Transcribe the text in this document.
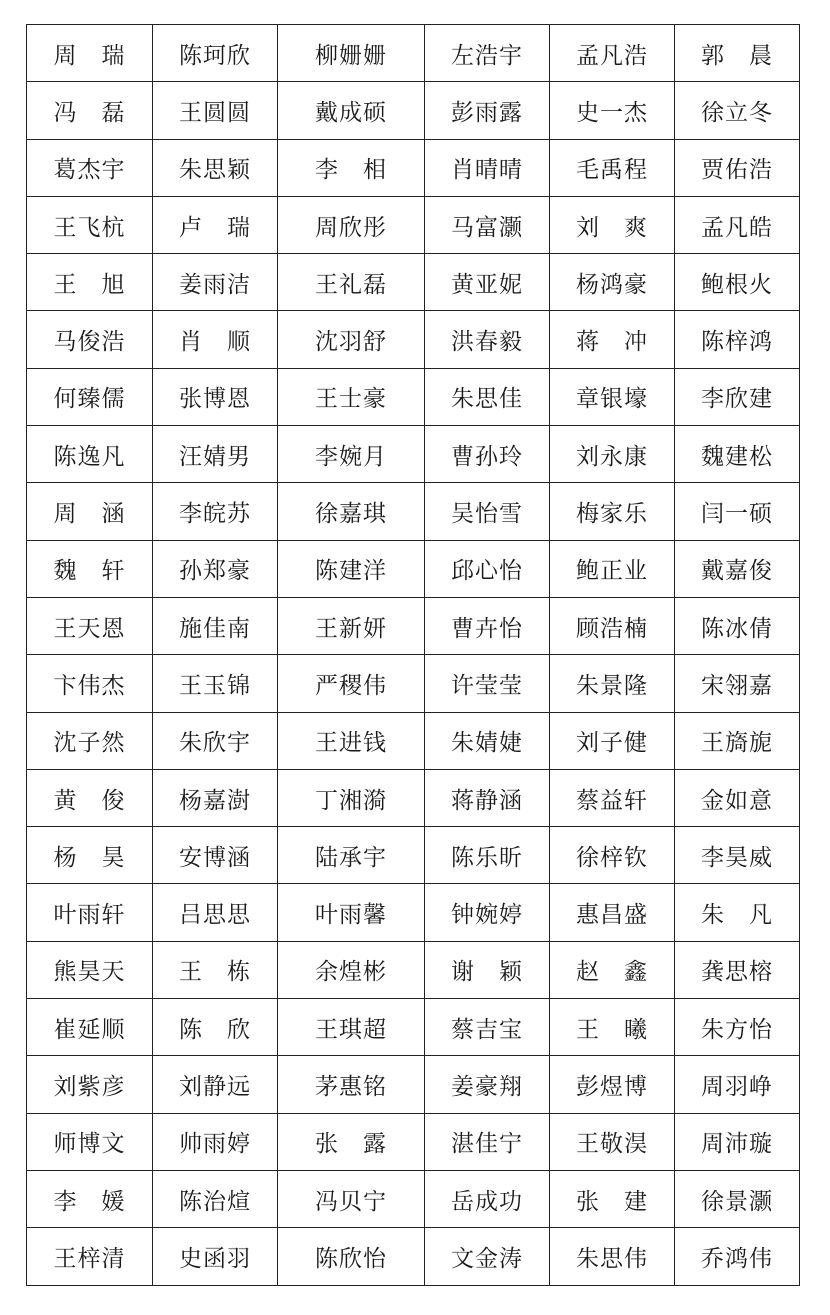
周　瑞	陈珂欣	柳姗姗	左浩宇	孟凡浩	郭　晨
冯　磊	王圆圆	戴成硕	彭雨露	史一杰	徐立冬
葛杰宇	朱思颖	李　相	肖晴晴	毛禹程	贾佑浩
王飞杭	卢　瑞	周欣彤	马富灏	刘　爽	孟凡皓
王　旭	姜雨洁	王礼磊	黄亚妮	杨鸿豪	鲍根火
马俊浩	肖　顺	沈羽舒	洪春毅	蒋　冲	陈梓鸿
何臻儒	张博恩	王士豪	朱思佳	章银壕	李欣建
陈逸凡	汪婧男	李婉月	曹孙玲	刘永康	魏建松
周　涵	李皖苏	徐嘉琪	吴怡雪	梅家乐	闫一硕
魏　轩	孙郑豪	陈建洋	邱心怡	鲍正业	戴嘉俊
王天恩	施佳南	王新妍	曹卉怡	顾浩楠	陈冰倩
卞伟杰	王玉锦	严稷伟	许莹莹	朱景隆	宋翎嘉
沈子然	朱欣宇	王进钱	朱婧婕	刘子健	王旖旎
黄　俊	杨嘉澍	丁湘漪	蒋静涵	蔡益轩	金如意
杨　昊	安博涵	陆承宇	陈乐昕	徐梓钦	李昊威
叶雨轩	吕思思	叶雨馨	钟婉婷	惠昌盛	朱　凡
熊昊天	王　栋	余煌彬	谢　颖	赵　鑫	龚思榕
崔延顺	陈　欣	王琪超	蔡吉宝	王　曦	朱方怡
刘紫彦	刘静远	茅惠铭	姜豪翔	彭煜博	周羽峥
师博文	帅雨婷	张　露	湛佳宁	王敬淏	周沛璇
李　媛	陈治煊	冯贝宁	岳成功	张　建	徐景灏
王梓清	史函羽	陈欣怡	文金涛	朱思伟	乔鸿伟
